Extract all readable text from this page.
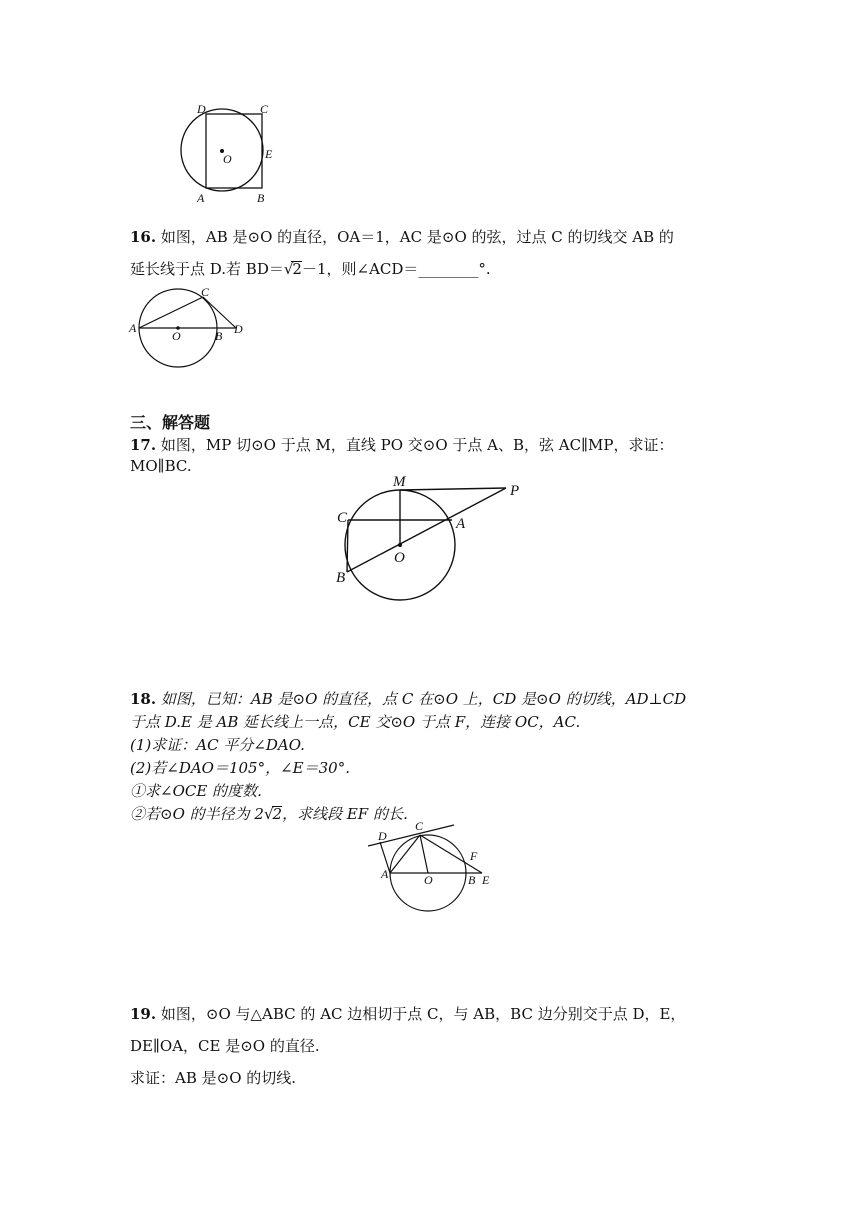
D	C
O	E
A	B
16. 如图，AB 是⊙O 的直径，OA＝1，AC 是⊙O 的弦，过点 C 的切线交 AB 的
延长线于点 D.若 BD＝√2－1，则∠ACD＝________°.
C
A
O	B D
三、解答题
17. 如图，MP 切⊙O 于点 M，直线 PO 交⊙O 于点 A、B，弦 AC∥MP，求证：
MO∥BC.
M
P
C	A
O
B
18. 如图，已知：AB 是⊙O 的直径，点 C 在⊙O 上，CD 是⊙O 的切线，AD⊥CD
于点 D.E 是 AB 延长线上一点，CE 交⊙O 于点 F，连接 OC，AC.
(1)求证：AC 平分∠DAO.
(2)若∠DAO＝105°，∠E＝30°.
①求∠OCE 的度数．
②若⊙O 的半径为 2√2，求线段 EF 的长．
D
C
F
A	O	B E
19. 如图，⊙O 与△ABC 的 AC 边相切于点 C，与 AB，BC 边分别交于点 D，E，
DE∥OA，CE 是⊙O 的直径.
求证：AB 是⊙O 的切线.
